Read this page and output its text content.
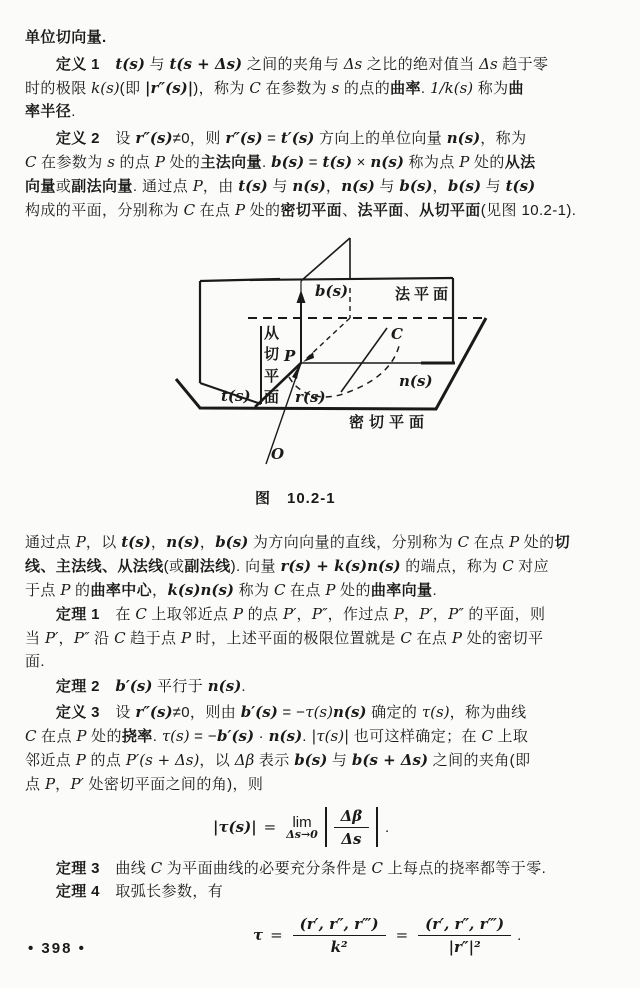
单位切向量.
　　定义 1　 t(s) 与 t(s + Δs) 之间的夹角与 Δs 之比的绝对值当 Δs 趋于零
时的极限 k(s)(即 |r″(s)|)，称为 C 在参数为 s 的点的曲率. 1/k(s) 称为曲
率半径.
　　定义 2　设 r″(s)≠0，则 r″(s) = t′(s) 方向上的单位向量 n(s)，称为
C 在参数为 s 的点 P 处的主法向量. b(s) = t(s) × n(s) 称为点 P 处的从法
向量或副法向量. 通过点 P，由 t(s) 与 n(s)，n(s) 与 b(s)，b(s) 与 t(s)
构成的平面，分别称为 C 在点 P 处的密切平面、法平面、从切平面(见图 10.2-1).
b(s)	法平面
从
切
平
面
t(s)	r(s)
n(s)
C
P
O
密切平面
图　10.2-1
通过点 P，以 t(s)，n(s)，b(s) 为方向向量的直线，分别称为 C 在点 P 处的切
线、主法线、从法线(或副法线). 向量 r(s) + k(s)n(s) 的端点，称为 C 对应
于点 P 的曲率中心，k(s)n(s) 称为 C 在点 P 处的曲率向量.
　　定理 1　在 C 上取邻近点 P 的点 P′，P″，作过点 P，P′，P″ 的平面，则
当 P′，P″ 沿 C 趋于点 P 时，上述平面的极限位置就是 C 在点 P 处的密切平
面.
　　定理 2　 b′(s) 平行于 n(s).
　　定义 3　设 r″(s)≠0，则由 b′(s) = −τ(s)n(s) 确定的 τ(s)，称为曲线
C 在点 P 处的挠率. τ(s) = −b′(s) · n(s). |τ(s)| 也可这样确定；在 C 上取
邻近点 P 的点 P′(s + Δs)，以 Δβ 表示 b(s) 与 b(s + Δs) 之间的夹角(即
点 P，P′ 处密切平面之间的角)，则
|τ(s)| = lim
$\Delta s\to 0 \frac{\Delta\beta}{\Delta s}$ .
　　定理 3　曲线 C 为平面曲线的必要充分条件是 C 上每点的挠率都等于零.
　　定理 4　取弧长参数，有
$\tau = \frac{(r', r'', r‴)}{\text{k²}} = \frac{(r', r'', r‴)}{\text{|r″|²}}$ .
• 398 •
